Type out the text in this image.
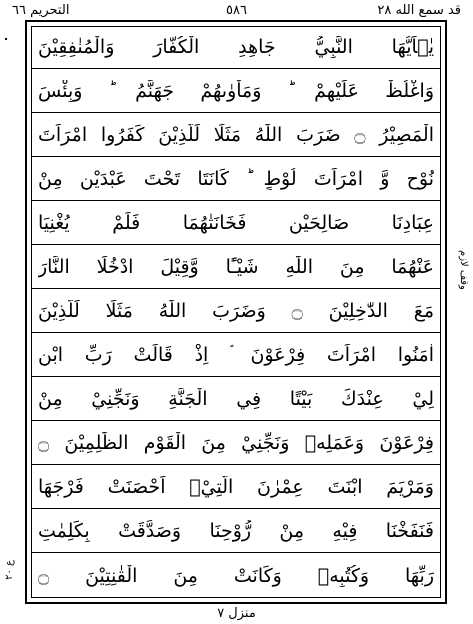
التحريم ٦٦	٥٨٦	قد سمع الله ٢٨
يٰۤاَيُّهَا النَّبِيُّ جَاهِدِ الْكُفَّارَ وَالْمُنٰفِقِيْنَ
وَاغْلُظْ عَلَيْهِمْ ؕ وَمَاْوٰىهُمْ جَهَنَّمُ ؕ وَبِئْسَ
الْمَصِيْرُ ۝ ضَرَبَ اللّٰهُ مَثَلًا لِّلَّذِيْنَ كَفَرُوا امْرَاَتَ
نُوْحٍ وَّ امْرَاَتَ لُوْطٍ ؕ كَانَتَا تَحْتَ عَبْدَيْنِ مِنْ
عِبَادِنَا صَالِحَيْنِ فَخَانَتٰهُمَا فَلَمْ يُغْنِيَا
عَنْهُمَا مِنَ اللّٰهِ شَيْـًٔا وَّقِيْلَ ادْخُلَا النَّارَ
مَعَ الدّٰخِلِيْنَ ۝ وَضَرَبَ اللّٰهُ مَثَلًا لِّلَّذِيْنَ
اٰمَنُوا امْرَاَتَ فِرْعَوْنَ ۘ اِذْ قَالَتْ رَبِّ ابْنِ
لِيْ عِنْدَكَ بَيْتًا فِي الْجَنَّةِ وَنَجِّنِيْ مِنْ
فِرْعَوْنَ وَعَمَلِهٖ وَنَجِّنِيْ مِنَ الْقَوْمِ الظّٰلِمِيْنَ ۝
وَمَرْيَمَ ابْنَتَ عِمْرٰنَ الَّتِيْۤ اَحْصَنَتْ فَرْجَهَا
فَنَفَخْنَا فِيْهِ مِنْ رُّوْحِنَا وَصَدَّقَتْ بِكَلِمٰتِ
رَبِّهَا وَكُتُبِهٖ وَكَانَتْ مِنَ الْقٰنِتِيْنَ ۝
وقف لازم
ع ٢٠
منزل ٧
